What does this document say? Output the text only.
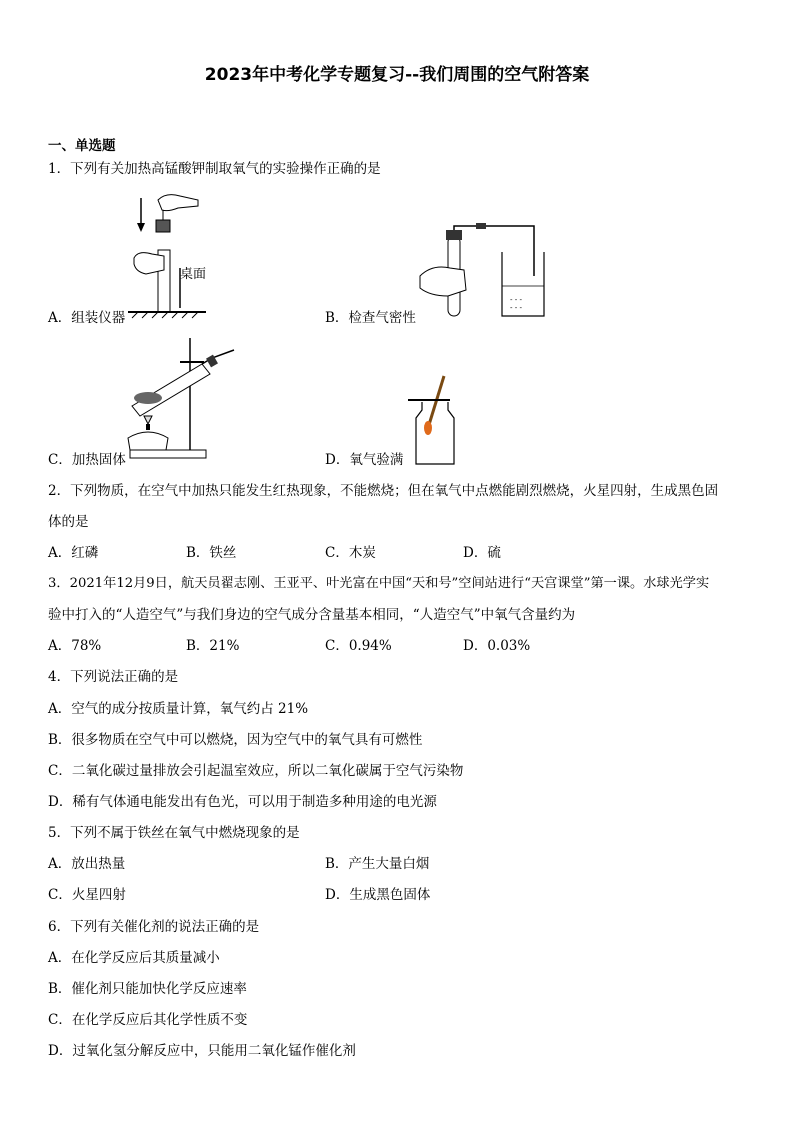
2023年中考化学专题复习--我们周围的空气附答案
一、单选题
1．下列有关加热高锰酸钾制取氧气的实验操作正确的是
桌面
- - -
- - -
A．组装仪器	B．检查气密性
C．加热固体	D．氧气验满
2．下列物质，在空气中加热只能发生红热现象，不能燃烧；但在氧气中点燃能剧烈燃烧，火星四射，生成黑色固
体的是
A．红磷	B．铁丝	C．木炭	D．硫
3．2021年12月9日，航天员翟志刚、王亚平、叶光富在中国“天和号”空间站进行“天宫课堂”第一课。水球光学实
验中打入的“人造空气”与我们身边的空气成分含量基本相同，“人造空气”中氧气含量约为
A．78%	B．21%	C．0.94%	D．0.03%
4．下列说法正确的是
A．空气的成分按质量计算，氧气约占 21%
B．很多物质在空气中可以燃烧，因为空气中的氧气具有可燃性
C．二氧化碳过量排放会引起温室效应，所以二氧化碳属于空气污染物
D．稀有气体通电能发出有色光，可以用于制造多种用途的电光源
5．下列不属于铁丝在氧气中燃烧现象的是
A．放出热量	B．产生大量白烟
C．火星四射	D．生成黑色固体
6．下列有关催化剂的说法正确的是
A．在化学反应后其质量减小
B．催化剂只能加快化学反应速率
C．在化学反应后其化学性质不变
D．过氧化氢分解反应中，只能用二氧化锰作催化剂
